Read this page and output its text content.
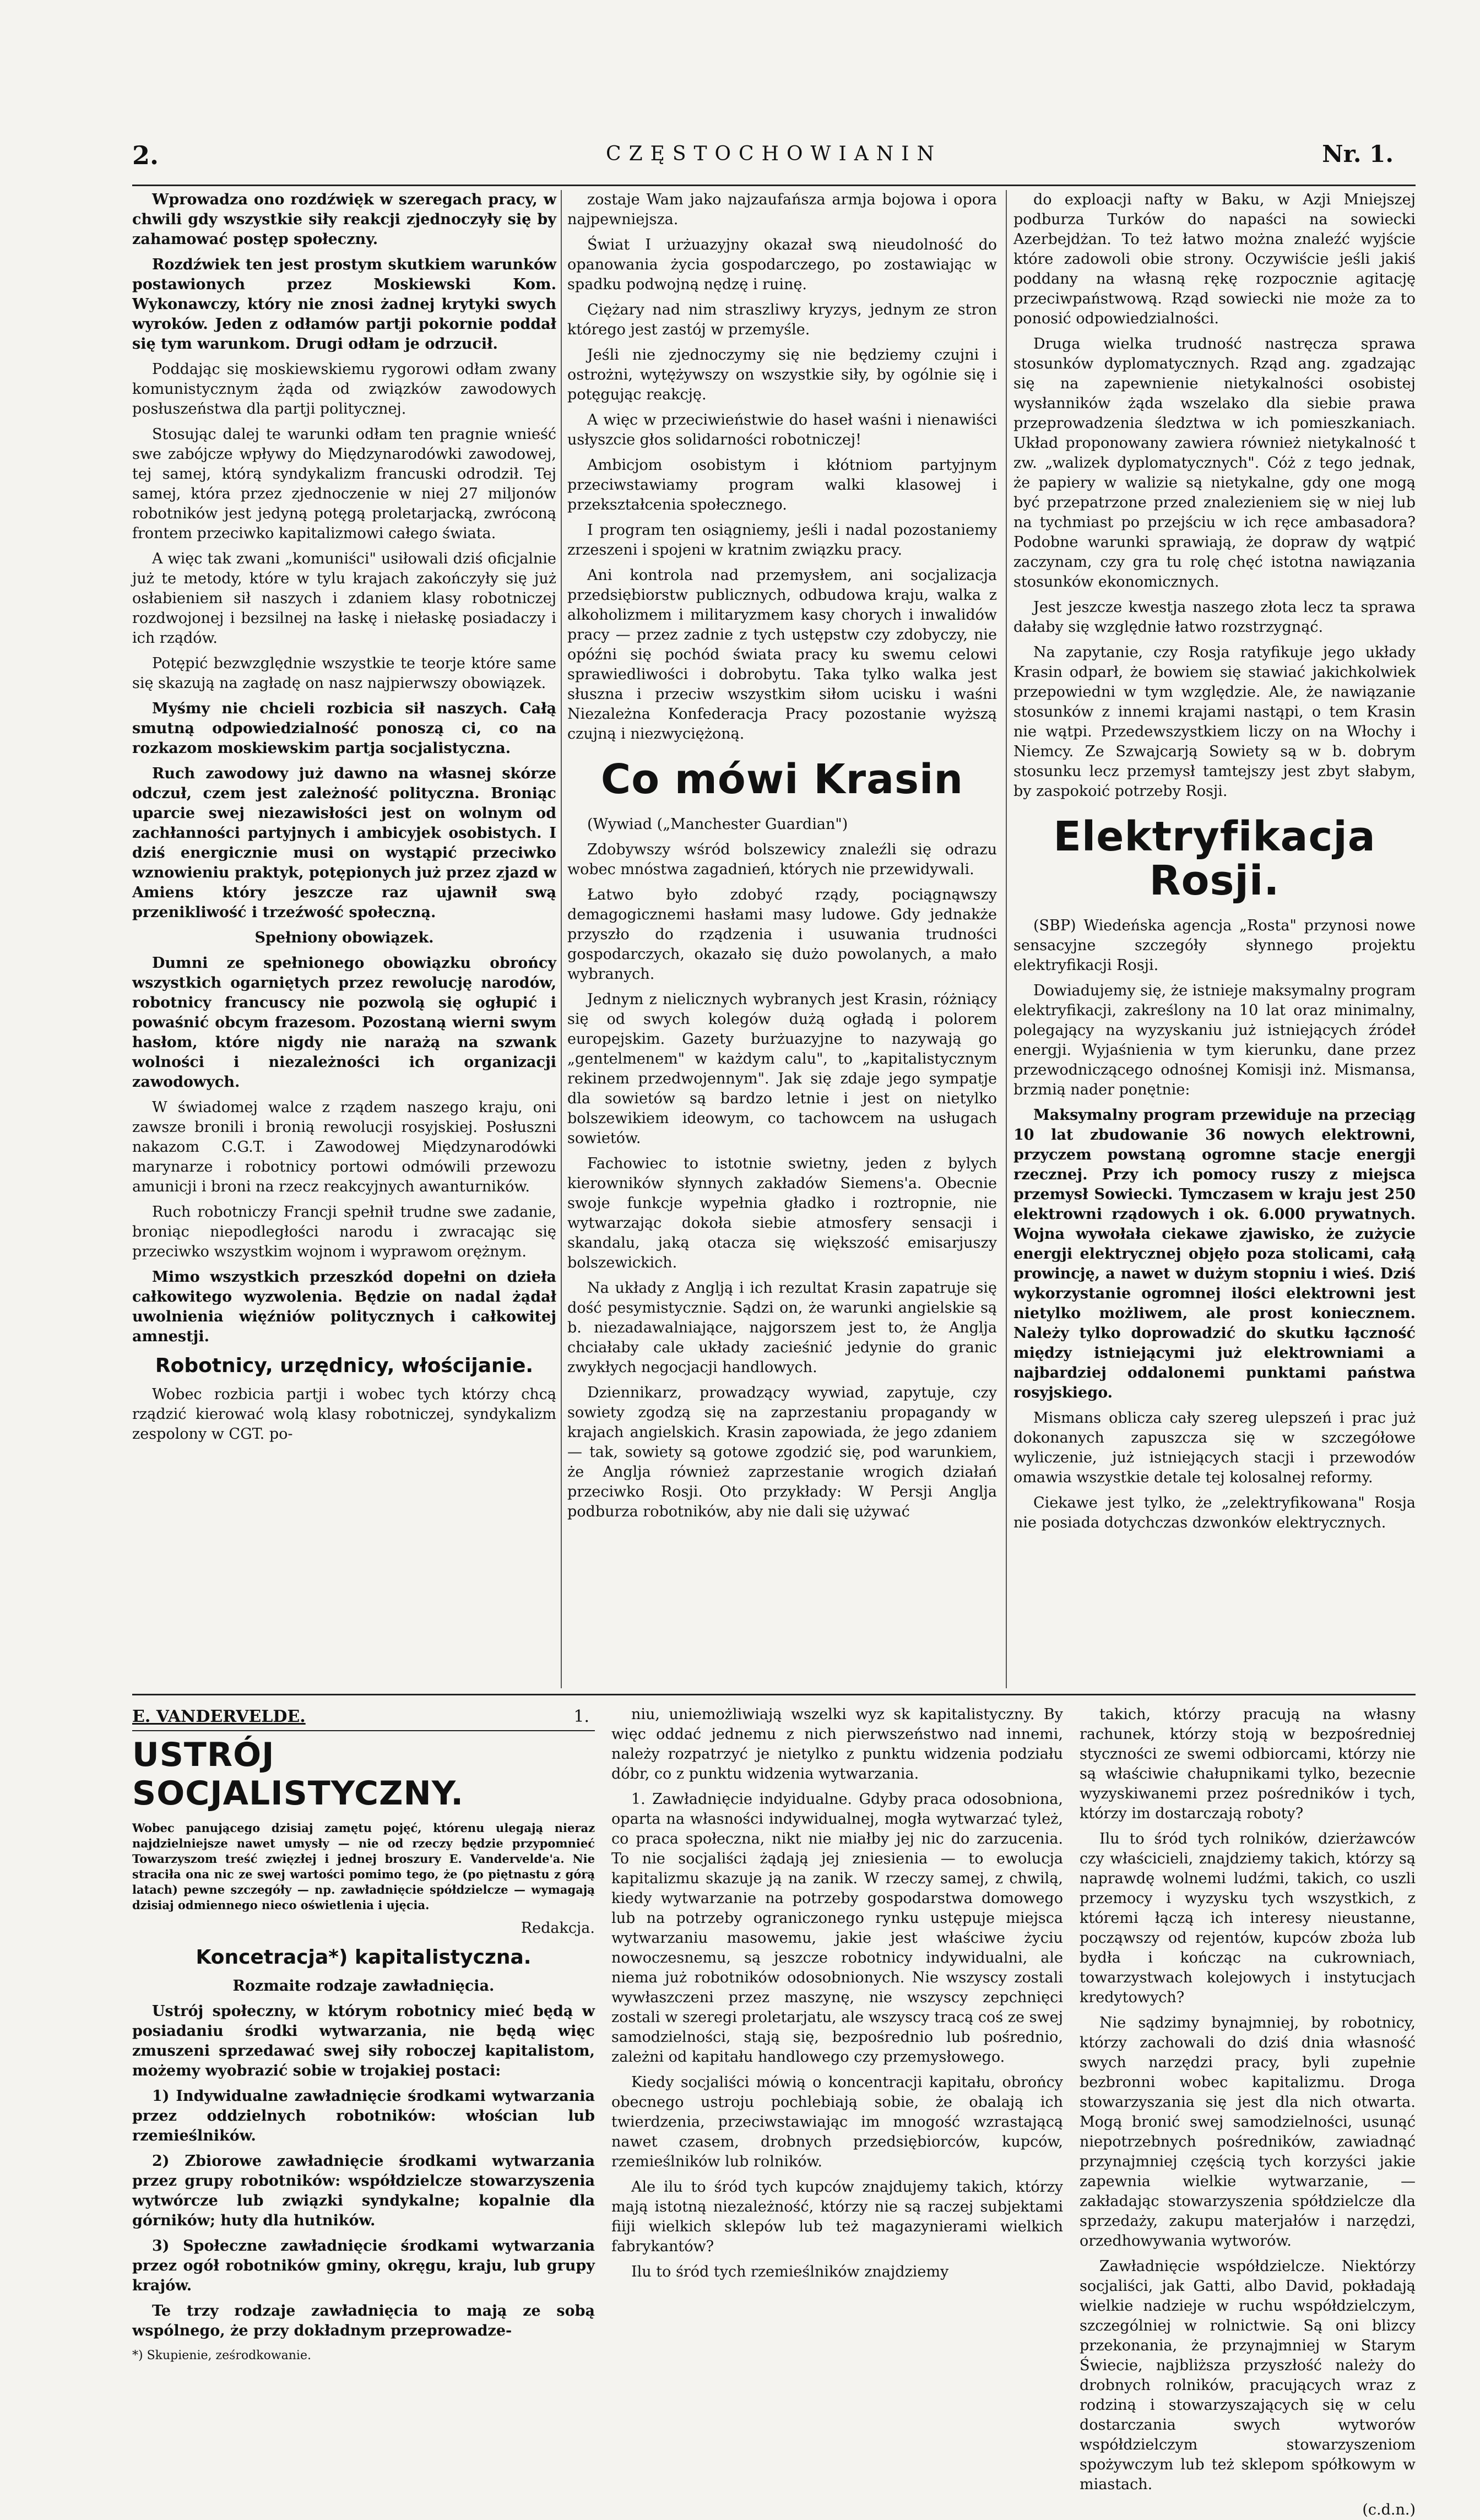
2.	CZĘSTOCHOWIANIN	Nr. 1.

Wprowadza ono rozdźwięk w szeregach pracy, w chwili gdy wszystkie siły reakcji zjednoczyły się by zahamować postęp społeczny.

Rozdźwiek ten jest prostym skutkiem warunków postawionych przez Moskiewski Kom. Wykonawczy, który nie znosi żadnej krytyki swych wyroków. Jeden z odłamów partji pokornie poddał się tym warunkom. Drugi odłam je odrzucił.

Poddając się moskiewskiemu rygorowi odłam zwany komunistycznym żąda od związków zawodowych posłuszeństwa dla partji politycznej.

Stosując dalej te warunki odłam ten pragnie wnieść swe zabójcze wpływy do Międzynarodówki zawodowej, tej samej, którą syndykalizm francuski odrodził. Tej samej, która przez zjednoczenie w niej 27 miljonów robotników jest jedyną potęgą proletarjacką, zwróconą frontem przeciwko kapitalizmowi całego świata.

A więc tak zwani „komuniści" usiłowali dziś oficjalnie już te metody, które w tylu krajach zakończyły się już osłabieniem sił naszych i zdaniem klasy robotniczej rozdwojonej i bezsilnej na łaskę i niełaskę posiadaczy i ich rządów.

Potępić bezwzględnie wszystkie te teorje które same się skazują na zagładę on nasz najpierwszy obowiązek.

Myśmy nie chcieli rozbicia sił naszych. Całą smutną odpowiedzialność ponoszą ci, co na rozkazom moskiewskim partja socjalistyczna.

Ruch zawodowy już dawno na własnej skórze odczuł, czem jest zależność polityczna. Broniąc uparcie swej niezawisłości jest on wolnym od zachłanności partyjnych i ambicyjek osobistych. I dziś energicznie musi on wystąpić przeciwko wznowieniu praktyk, potępionych już przez zjazd w Amiens który jeszcze raz ujawnił swą przenikliwość i trzeźwość społeczną.

Spełniony obowiązek.

Dumni ze spełnionego obowiązku obrońcy wszystkich ogarniętych przez rewolucję narodów, robotnicy francuscy nie pozwolą się ogłupić i powaśnić obcym frazesom. Pozostaną wierni swym hasłom, które nigdy nie narażą na szwank wolności i niezależności ich organizacji zawodowych.

W świadomej walce z rządem naszego kraju, oni zawsze bronili i bronią rewolucji rosyjskiej. Posłuszni nakazom C.G.T. i Zawodowej Międzynarodówki marynarze i robotnicy portowi odmówili przewozu amunicji i broni na rzecz reakcyjnych awanturników.

Ruch robotniczy Francji spełnił trudne swe zadanie, broniąc niepodległości narodu i zwracając się przeciwko wszystkim wojnom i wyprawom orężnym.

Mimo wszystkich przeszkód dopełni on dzieła całkowitego wyzwolenia. Będzie on nadal żądał uwolnienia więźniów politycznych i całkowitej amnestji.

Robotnicy, urzędnicy, włościjanie.

Wobec rozbicia partji i wobec tych którzy chcą rządzić kierować wolą klasy robotniczej, syndykalizm zespolony w CGT. po-

zostaje Wam jako najzaufańsza armja bojowa i opora najpewniejsza.

Świat I urżuazyjny okazał swą nieudolność do opanowania życia gospodarczego, po zostawiając w spadku podwojną nędzę i ruinę.

Ciężary nad nim straszliwy kryzys, jednym ze stron którego jest zastój w przemyśle.

Jeśli nie zjednoczymy się nie będziemy czujni i ostrożni, wytężywszy on wszystkie siły, by ogólnie się i potęgując reakcję.

A więc w przeciwieństwie do haseł waśni i nienawiści usłyszcie głos solidarności robotniczej!

Ambicjom osobistym i kłótniom partyjnym przeciwstawiamy program walki klasowej i przekształcenia społecznego.

I program ten osiągniemy, jeśli i nadal pozostaniemy zrzeszeni i spojeni w kratnim związku pracy.

Ani kontrola nad przemysłem, ani socjalizacja przedsiębiorstw publicznych, odbudowa kraju, walka z alkoholizmem i militaryzmem kasy chorych i inwalidów pracy — przez zadnie z tych ustępstw czy zdobyczy, nie opóźni się pochód świata pracy ku swemu celowi sprawiedliwości i dobrobytu. Taka tylko walka jest słuszna i przeciw wszystkim siłom ucisku i waśni Niezależna Konfederacja Pracy pozostanie wyższą czujną i niezwyciężoną.

Co mówi Krasin

(Wywiad („Manchester Guardian")

Zdobywszy wśród bolszewicy znaleźli się odrazu wobec mnóstwa zagadnień, których nie przewidywali.

Łatwo było zdobyć rządy, pociągnąwszy demagogicznemi hasłami masy ludowe. Gdy jednakże przyszło do rządzenia i usuwania trudności gospodarczych, okazało się dużo powolanych, a mało wybranych.

Jednym z nielicznych wybranych jest Krasin, różniący się od swych kolegów dużą ogładą i polorem europejskim. Gazety burżuazyjne to nazywają go „gentelmenem" w każdym calu", to „kapitalistycznym rekinem przedwojennym". Jak się zdaje jego sympatje dla sowietów są bardzo letnie i jest on nietylko bolszewikiem ideowym, co tachowcem na usługach sowietów.

Fachowiec to istotnie swietny, jeden z bylych kierowników słynnych zakładów Siemens'a. Obecnie swoje funkcje wypełnia gładko i roztropnie, nie wytwarzając dokoła siebie atmosfery sensacji i skandalu, jaką otacza się większość emisarjuszy bolszewickich.

Na układy z Anglją i ich rezultat Krasin zapatruje się dość pesymistycznie. Sądzi on, że warunki angielskie są b. niezadawalniające, najgorszem jest to, że Anglja chciałaby cale układy zacieśnić jedynie do granic zwykłych negocjacji handlowych.

Dziennikarz, prowadzący wywiad, zapytuje, czy sowiety zgodzą się na zaprzestaniu propagandy w krajach angielskich. Krasin zapowiada, że jego zdaniem — tak, sowiety są gotowe zgodzić się, pod warunkiem, że Anglja również zaprzestanie wrogich działań przeciwko Rosji. Oto przykłady: W Persji Anglja podburza robotników, aby nie dali się używać

do exploacji nafty w Baku, w Azji Mniejszej podburza Turków do napaści na sowiecki Azerbejdżan. To też łatwo można znaleźć wyjście które zadowoli obie strony. Oczywiście jeśli jakiś poddany na własną rękę rozpocznie agitację przeciwpaństwową. Rząd sowiecki nie może za to ponosić odpowiedzialności.

Druga wielka trudność nastręcza sprawa stosunków dyplomatycznych. Rząd ang. zgadzając się na zapewnienie nietykalności osobistej wysłanników żąda wszelako dla siebie prawa przeprowadzenia śledztwa w ich pomieszkaniach. Układ proponowany zawiera również nietykalność t zw. „walizek dyplomatycznych". Cóż z tego jednak, że papiery w walizie są nietykalne, gdy one mogą być przepatrzone przed znalezieniem się w niej lub na tychmiast po przejściu w ich ręce ambasadora? Podobne warunki sprawiają, że dopraw dy wątpić zaczynam, czy gra tu rolę chęć istotna nawiązania stosunków ekonomicznych.

Jest jeszcze kwestja naszego złota lecz ta sprawa dałaby się względnie łatwo rozstrzygnąć.

Na zapytanie, czy Rosja ratyfikuje jego układy Krasin odparł, że bowiem się stawiać jakichkolwiek przepowiedni w tym względzie. Ale, że nawiązanie stosunków z innemi krajami nastąpi, o tem Krasin nie wątpi. Przedewszystkiem liczy on na Włochy i Niemcy. Ze Szwajcarją Sowiety są w b. dobrym stosunku lecz przemysł tamtejszy jest zbyt słabym, by zaspokoić potrzeby Rosji.

Elektryfikacja Rosji.

(SBP) Wiedeńska agencja „Rosta" przynosi nowe sensacyjne szczegóły słynnego projektu elektryfikacji Rosji.

Dowiadujemy się, że istnieje maksymalny program elektryfikacji, zakreślony na 10 lat oraz minimalny, polegający na wyzyskaniu już istniejących źródeł energji. Wyjaśnienia w tym kierunku, dane przez przewodniczącego odnośnej Komisji inż. Mismansa, brzmią nader ponętnie:

Maksymalny program przewiduje na przeciąg 10 lat zbudowanie 36 nowych elektrowni, przyczem powstaną ogromne stacje energji rzecznej. Przy ich pomocy ruszy z miejsca przemysł Sowiecki. Tymczasem w kraju jest 250 elektrowni rządowych i ok. 6.000 prywatnych. Wojna wywołała ciekawe zjawisko, że zużycie energji elektrycznej objęło poza stolicami, całą prowincję, a nawet w dużym stopniu i wieś. Dziś wykorzystanie ogromnej ilości elektrowni jest nietylko możliwem, ale prost koniecznem. Należy tylko doprowadzić do skutku łączność między istniejącymi już elektrowniami a najbardziej oddalonemi punktami państwa rosyjskiego.

Mismans oblicza cały szereg ulepszeń i prac już dokonanych zapuszcza się w szczegółowe wyliczenie, już istniejących stacji i przewodów omawia wszystkie detale tej kolosalnej reformy.

Ciekawe jest tylko, że „zelektryfikowana" Rosja nie posiada dotychczas dzwonków elektrycznych.

E. VANDERVELDE.	1.
USTRÓJ SOCJALISTYCZNY.

Wobec panującego dzisiaj zamętu pojęć, którenu ulegają nieraz najdzielniejsze nawet umysły — nie od rzeczy będzie przypomnieć Towarzyszom treść zwięzłej i jednej broszury E. Vandervelde'a. Nie straciła ona nic ze swej wartości pomimo tego, że (po piętnastu z górą latach) pewne szczegóły — np. zawładnięcie spółdzielcze — wymagają dzisiaj odmiennego nieco oświetlenia i ujęcia.

Redakcja.

Koncetracja*) kapitalistyczna.

Rozmaite rodzaje zawładnięcia.

Ustrój społeczny, w którym robotnicy mieć będą w posiadaniu środki wytwarzania, nie będą więc zmuszeni sprzedawać swej siły roboczej kapitalistom, możemy wyobrazić sobie w trojakiej postaci:

1) Indywidualne zawładnięcie środkami wytwarzania przez oddzielnych robotników: włościan lub rzemieślników.

2) Zbiorowe zawładnięcie środkami wytwarzania przez grupy robotników: współdzielcze stowarzyszenia wytwórcze lub związki syndykalne; kopalnie dla górników; huty dla hutników.

3) Społeczne zawładnięcie środkami wytwarzania przez ogół robotników gminy, okręgu, kraju, lub grupy krajów.

Te trzy rodzaje zawładnięcia to mają ze sobą wspólnego, że przy dokładnym przeprowadze-

*) Skupienie, ześrodkowanie.

niu, uniemożliwiają wszelki wyz sk kapitalistyczny. By więc oddać jednemu z nich pierwszeństwo nad innemi, należy rozpatrzyć je nietylko z punktu widzenia podziału dóbr, co z punktu widzenia wytwarzania.

1. Zawładnięcie indyidualne. Gdyby praca odosobniona, oparta na własności indywidualnej, mogła wytwarzać tyleż, co praca społeczna, nikt nie miałby jej nic do zarzucenia. To nie socjaliści żądają jej zniesienia — to ewolucja kapitalizmu skazuje ją na zanik. W rzeczy samej, z chwilą, kiedy wytwarzanie na potrzeby gospodarstwa domowego lub na potrzeby ograniczonego rynku ustępuje miejsca wytwarzaniu masowemu, jakie jest właściwe życiu nowoczesnemu, są jeszcze robotnicy indywidualni, ale niema już robotników odosobnionych. Nie wszyscy zostali wywłaszczeni przez maszynę, nie wszyscy zepchnięci zostali w szeregi proletarjatu, ale wszyscy tracą coś ze swej samodzielności, stają się, bezpośrednio lub pośrednio, zależni od kapitału handlowego czy przemysłowego.

Kiedy socjaliści mówią o koncentracji kapitału, obrońcy obecnego ustroju pochlebiają sobie, że obalają ich twierdzenia, przeciwstawiając im mnogość wzrastającą nawet czasem, drobnych przedsiębiorców, kupców, rzemieślników lub rolników.

Ale ilu to śród tych kupców znajdujemy takich, którzy mają istotną niezależność, którzy nie są raczej subjektami fiiji wielkich sklepów lub też magazynierami wielkich fabrykantów?

Ilu to śród tych rzemieślników znajdziemy

takich, którzy pracują na własny rachunek, którzy stoją w bezpośredniej styczności ze swemi odbiorcami, którzy nie są właściwie chałupnikami tylko, bezecnie wyzyskiwanemi przez pośredników i tych, którzy im dostarczają roboty?

Ilu to śród tych rolników, dzierżawców czy właścicieli, znajdziemy takich, którzy są naprawdę wolnemi ludźmi, takich, co uszli przemocy i wyzysku tych wszystkich, z któremi łączą ich interesy nieustanne, począwszy od rejentów, kupców zboża lub bydła i kończąc na cukrowniach, towarzystwach kolejowych i instytucjach kredytowych?

Nie sądzimy bynajmniej, by robotnicy, którzy zachowali do dziś dnia własność swych narzędzi pracy, byli zupełnie bezbronni wobec kapitalizmu. Droga stowarzyszania się jest dla nich otwarta. Mogą bronić swej samodzielności, usunąć niepotrzebnych pośredników, zawiadnąć przynajmniej częścią tych korzyści jakie zapewnia wielkie wytwarzanie, — zakładając stowarzyszenia spółdzielcze dla sprzedaży, zakupu materjałów i narzędzi, orzedhowywania wytworów.

Zawładnięcie współdzielcze. Niektórzy socjaliści, jak Gatti, albo David, pokładają wielkie nadzieje w ruchu współdzielczym, szczególniej w rolnictwie. Są oni blizcy przekonania, że przynajmniej w Starym Świecie, najbliższa przyszłość należy do drobnych rolników, pracujących wraz z rodziną i stowarzyszających się w celu dostarczania swych wytworów współdzielczym stowarzyszeniom spożywczym lub też sklepom spółkowym w miastach.

(c.d.n.)
